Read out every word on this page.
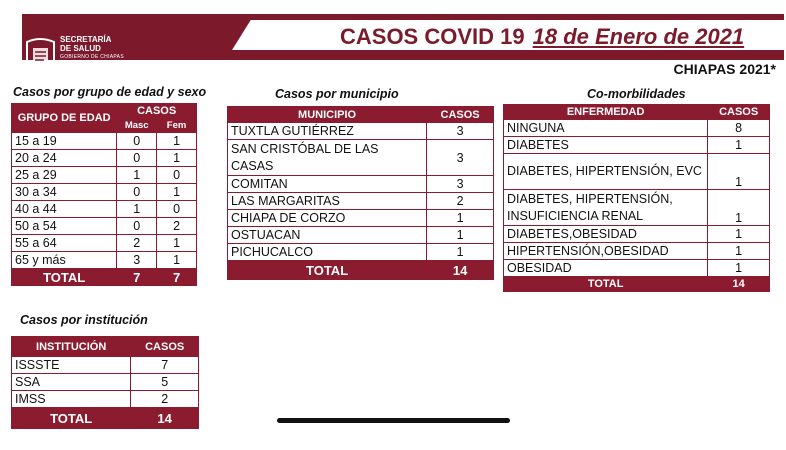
SECRETARÍA
DE SALUD
GOBIERNO DE CHIAPAS
CASOS COVID 19 18 de Enero de 2021
CHIAPAS 2021*
Casos por grupo de edad y sexo
GRUPO DE EDAD	CASOS	
	Masc	Fem
15 a 19	0	1
20 a 24	0	1
25 a 29	1	0
30 a 34	0	1
40 a 44	1	0
50 a 54	0	2
55 a 64	2	1
65 y más	3	1
TOTAL	7	7
Casos por municipio
MUNICIPIO	CASOS
TUXTLA GUTIÉRREZ	3
SAN CRISTÓBAL DE LAS CASAS	3
COMITAN	3
LAS MARGARITAS	2
CHIAPA DE CORZO	1
OSTUACAN	1
PICHUCALCO	1
TOTAL	14
Co-morbilidades
ENFERMEDAD	CASOS
NINGUNA	8
DIABETES	1
DIABETES, HIPERTENSIÓN, EVC	1
DIABETES, HIPERTENSIÓN, INSUFICIENCIA RENAL	1
DIABETES,OBESIDAD	1
HIPERTENSIÓN,OBESIDAD	1
OBESIDAD	1
TOTAL	14
Casos por institución
INSTITUCIÓN	CASOS
ISSSTE	7
SSA	5
IMSS	2
TOTAL	14
